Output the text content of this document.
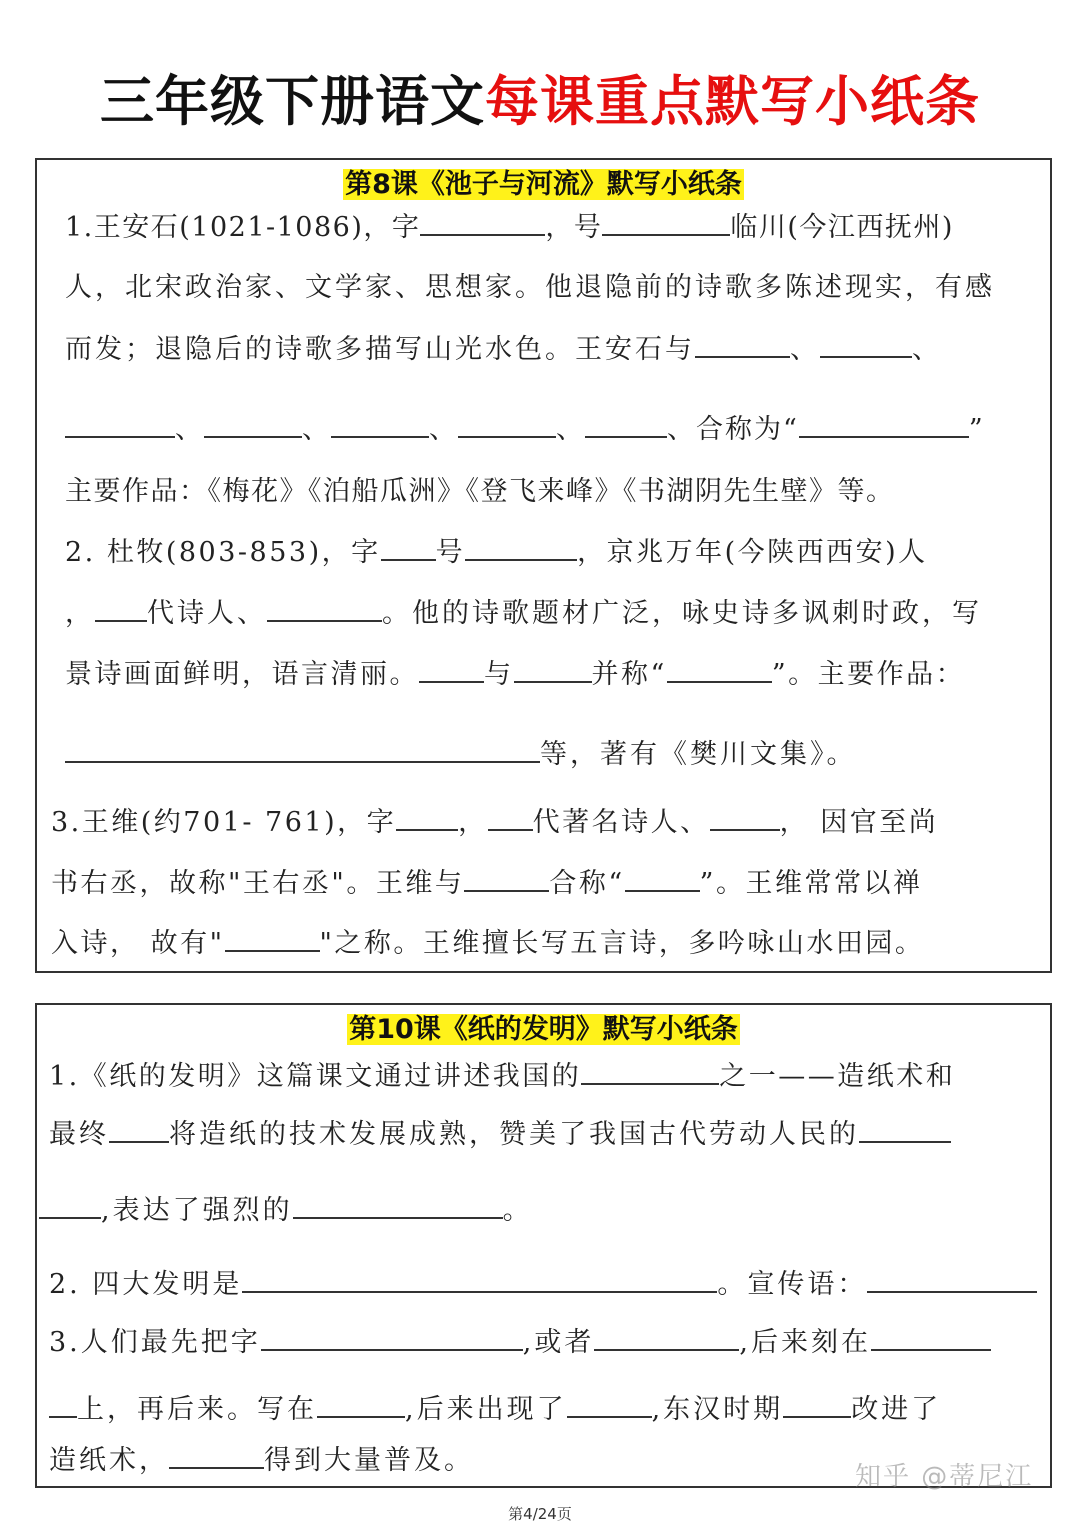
三年级下册语文每课重点默写小纸条
第8课《池子与河流》默写小纸条
1.王安石(1021-1086)，字	，号	临川(今江西抚州)
人，北宋政治家、文学家、思想家。他退隐前的诗歌多陈述现实，有感
而发；退隐后的诗歌多描写山光水色。王安石与	、	、
、	、	、	、	、合称为“	”
主要作品：《梅花》《泊船瓜洲》《登飞来峰》《书湖阴先生壁》等。
2. 杜牧(803-853)，字 号	，京兆万年(今陕西西安)人
， 代诗人、	。他的诗歌题材广泛，咏史诗多讽刺时政，写
景诗画面鲜明，语言清丽。 与	并称“	”。主要作品：
等，著有《樊川文集》。
3.王维(约701- 761)，字 ， 代著名诗人、	， 因官至尚
书右丞，故称"王右丞"。王维与	合称“	”。王维常常以禅
入诗， 故有"	"之称。王维擅长写五言诗，多吟咏山水田园。
第10课《纸的发明》默写小纸条
1.《纸的发明》这篇课文通过讲述我国的	之一——造纸术和
最终 将造纸的技术发展成熟，赞美了我国古代劳动人民的
,表达了强烈的	。
2. 四大发明是	。宣传语：
3.人们最先把字	,或者	,后来刻在
上，再后来。写在	,后来出现了	,东汉时期	改进了
造纸术，	得到大量普及。
知乎 @蒂尼江
第4/24页
